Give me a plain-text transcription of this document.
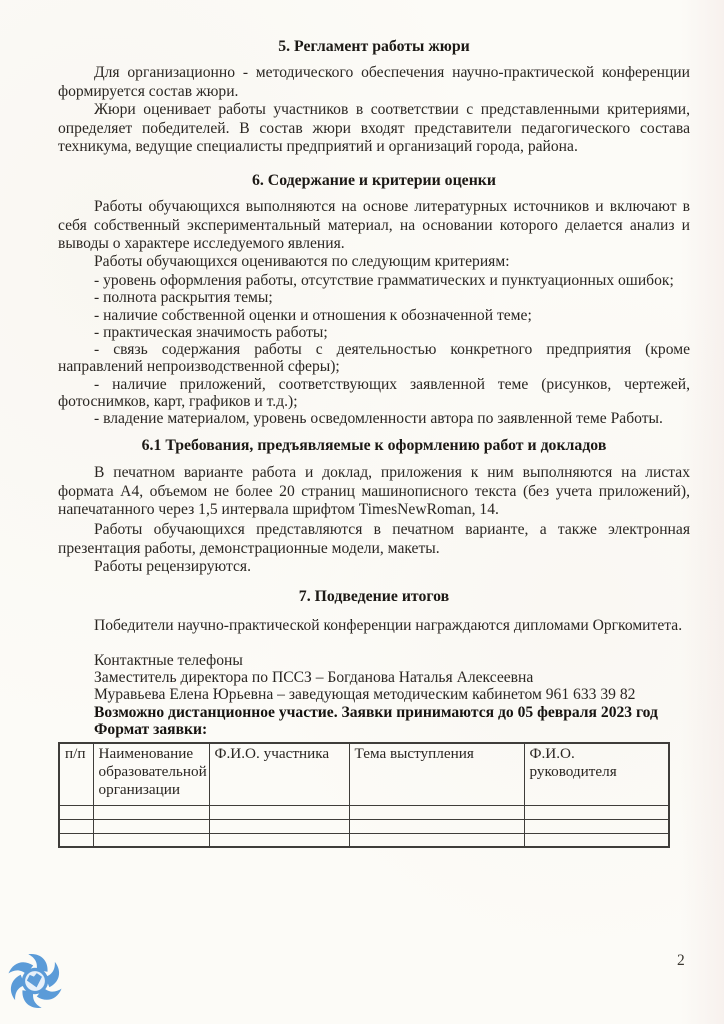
5. Регламент работы жюри
Для организационно - методического обеспечения научно-практической конференции формируется состав жюри.
Жюри оценивает работы участников в соответствии с представленными критериями, определяет победителей. В состав жюри входят представители педагогического состава техникума, ведущие специалисты предприятий и организаций города, района.
6. Содержание и критерии оценки
Работы обучающихся выполняются на основе литературных источников и включают в себя собственный экспериментальный материал, на основании которого делается анализ и выводы о характере исследуемого явления.
Работы обучающихся оцениваются по следующим критериям:

- уровень оформления работы, отсутствие грамматических и пунктуационных ошибок;

- полнота раскрытия темы;

- наличие собственной оценки и отношения к обозначенной теме;

- практическая значимость работы;

- связь содержания работы с деятельностью конкретного предприятия (кроме направлений непроизводственной сферы);

- наличие приложений, соответствующих заявленной теме (рисунков, чертежей, фотоснимков, карт, графиков и т.д.);

- владение материалом, уровень осведомленности автора по заявленной теме Работы.

6.1 Требования, предъявляемые к оформлению работ и докладов
В печатном варианте работа и доклад, приложения к ним выполняются на листах формата А4, объемом не более 20 страниц машинописного текста (без учета приложений), напечатанного через 1,5 интервала шрифтом TimesNewRoman, 14.
Работы обучающихся представляются в печатном варианте, а также электронная презентация работы, демонстрационные модели, макеты.
Работы рецензируются.
7. Подведение итогов
Победители научно-практической конференции награждаются дипломами Оргкомитета.
Контактные телефоны
Заместитель директора по ПССЗ – Богданова Наталья Алексеевна
Муравьева Елена Юрьевна – заведующая методическим кабинетом 961 633 39 82
Возможно дистанционное участие. Заявки принимаются до 05 февраля 2023 год
Формат заявки:
п/п	Наименование образовательной организации	Ф.И.О. участника	Тема выступления	Ф.И.О. руководителя

2
